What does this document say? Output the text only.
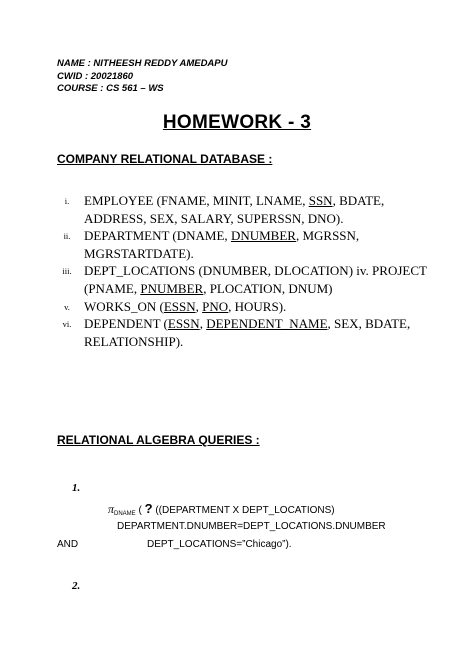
NAME : NITHEESH REDDY AMEDAPU
CWID : 20021860
COURSE : CS 561 – WS
HOMEWORK - 3
COMPANY RELATIONAL DATABASE :
i.	EMPLOYEE (FNAME, MINIT, LNAME, SSN, BDATE, ADDRESS, SEX, SALARY, SUPERSSN, DNO).
ii.	DEPARTMENT (DNAME, DNUMBER, MGRSSN, MGRSTARTDATE).
iii. DEPT_LOCATIONS (DNUMBER, DLOCATION) iv. PROJECT (PNAME, PNUMBER, PLOCATION, DNUM)
v.	WORKS_ON (ESSN, PNO, HOURS).
vi. DEPENDENT (ESSN, DEPENDENT_NAME, SEX, BDATE, RELATIONSHIP).
RELATIONAL ALGEBRA QUERIES :
1.
$\pi_{DNAME}$ ( ? ((DEPARTMENT X DEPT_LOCATIONS)
DEPARTMENT.DNUMBER=DEPT_LOCATIONS.DNUMBER
AND	DEPT_LOCATIONS=”Chicago”).
2.
